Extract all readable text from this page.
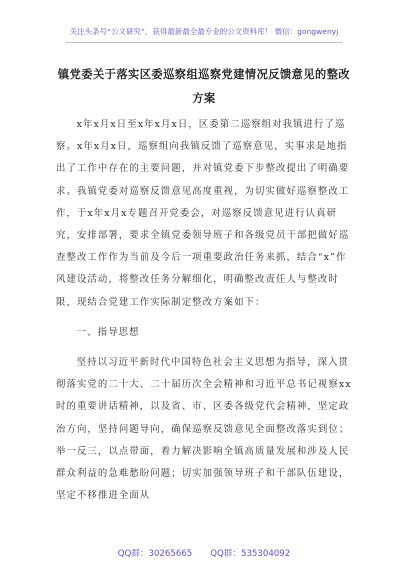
关注头条号“公文研究”，获得最新最全最专业的公文资料库！ 微信：gongwenyj
镇党委关于落实区委巡察组巡察党建情况反馈意见的整改
方案

x年x月x日至x年x月x日，区委第二巡察组对我镇进行了巡察。x年x月x日，巡察组向我镇反馈了巡察意见，实事求是地指出了工作中存在的主要问题，并对镇党委下步整改提出了明确要求。我镇党委对巡察反馈意见高度重视，为切实做好巡察整改工作，于x年x月x专题召开党委会，对巡察反馈意见进行认真研究，安排部署，要求全镇党委领导班子和各级党员干部把做好巡查整改工作作为当前及今后一项重要政治任务来抓，结合“x”作风建设活动，将整改任务分解细化，明确整改责任人与整改时限，现结合党建工作实际制定整改方案如下：

一、指导思想

坚持以习近平新时代中国特色社会主义思想为指导，深入贯彻落实党的二十大、二十届历次全会精神和习近平总书记视察xx时的重要讲话精神，以及省、市、区委各级党代会精神，坚定政治方向，坚持问题导向，确保巡察反馈意见全面整改落实到位；举一反三，以点带面，着力解决影响全镇高质量发展和涉及人民群众利益的急难愁盼问题；切实加强领导班子和干部队伍建设，坚定不移推进全面从

QQ群：30265665 QQ群：535304092
